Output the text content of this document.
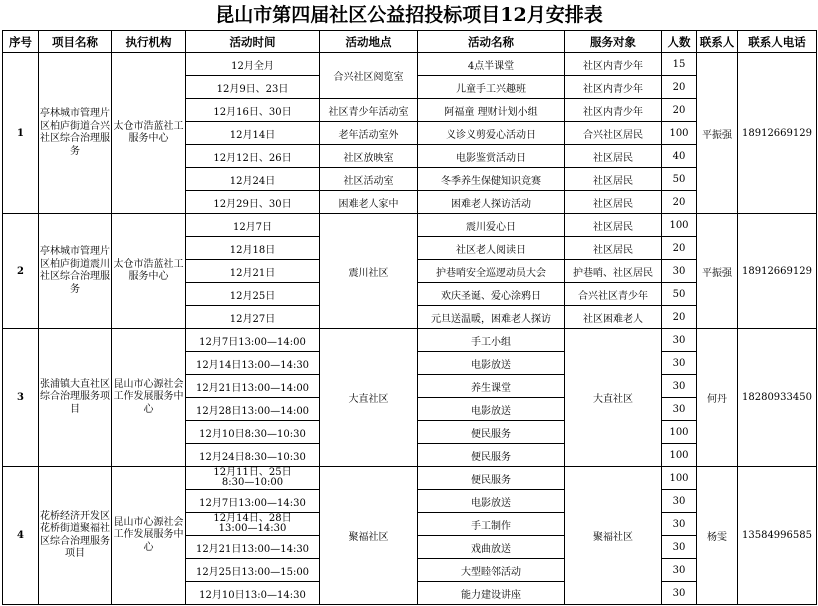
昆山市第四届社区公益招投标项目12月安排表
序号	项目名称	执行机构	活动时间	活动地点	活动名称	服务对象	人数	联系人	联系人电话
1	亭林城市管理片区柏庐街道合兴社区综合治理服务	太仓市浩蓝社工服务中心	12月全月	合兴社区阅览室	4点半课堂	社区内青少年	15	平振强	18912669129
			12月9日、23日		儿童手工兴趣班	社区内青少年	20		
			12月16日、30日	社区青少年活动室	阿福童 理财计划小组	社区内青少年	20		
			12月14日	老年活动室外	义诊义剪爱心活动日	合兴社区居民	100		
			12月12日、26日	社区放映室	电影鉴赏活动日	社区居民	40		
			12月24日	社区活动室	冬季养生保健知识竞赛	社区居民	50		
			12月29日、30日	困难老人家中	困难老人探访活动	社区居民	20		
2	亭林城市管理片区柏庐街道震川社区综合治理服务	太仓市浩蓝社工服务中心	12月7日	震川社区	震川爱心日	社区居民	100	平振强	18912669129
			12月18日		社区老人阅读日	社区居民	20		
			12月21日		护巷哨安全巡逻动员大会	护巷哨、社区居民	30		
			12月25日		欢庆圣诞、爱心涂鸦日	合兴社区青少年	50		
			12月27日		元旦送温暖，困难老人探访	社区困难老人	20		
3	张浦镇大直社区综合治理服务项目	昆山市心源社会工作发展服务中心	12月7日13:00—14:00	大直社区	手工小组	大直社区	30	何丹	18280933450
			12月14日13:00—14:30		电影放送		30		
			12月21日13:00—14:00		养生课堂		30		
			12月28日13:00—14:00		电影放送		30		
			12月10日8:30—10:30		便民服务		100		
			12月24日8:30—10:30		便民服务		100		
4	花桥经济开发区花桥街道聚福社区综合治理服务项目	昆山市心源社会工作发展服务中心	12月11日、25日
8:30—10:00	聚福社区	便民服务	聚福社区	100	杨雯	13584996585
			12月7日13:00—14:30		电影放送		30		
			12月14日、28日
13:00—14:30		手工制作		30		
			12月21日13:00—14:30		戏曲放送		30		
			12月25日13:00—15:00		大型睦邻活动		30		
			12月10日13:0—14:30		能力建设讲座		30		
